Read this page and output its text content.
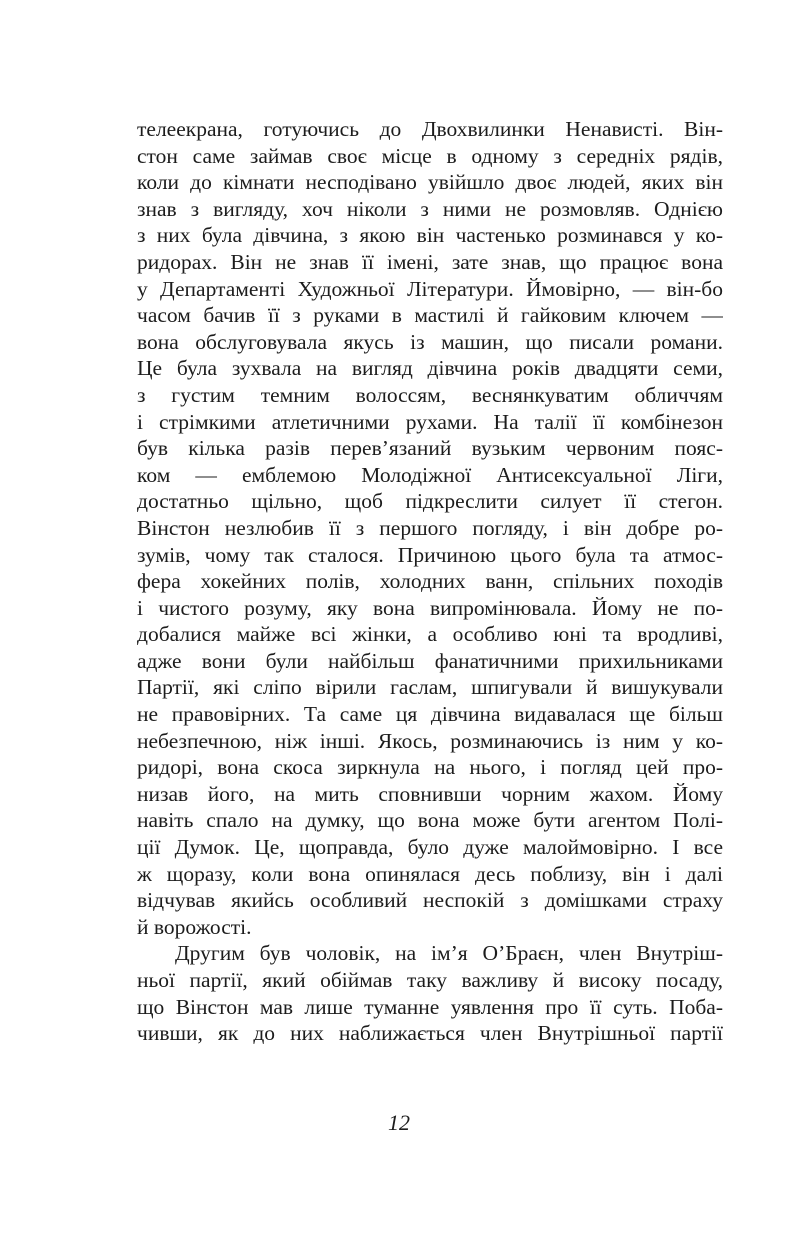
телеекрана, готуючись до Двохвилинки Ненависті. Він-
стон саме займав своє місце в одному з середніх рядів,
коли до кімнати несподівано увійшло двоє людей, яких він
знав з вигляду, хоч ніколи з ними не розмовляв. Однією
з них була дівчина, з якою він частенько розминався у ко-
ридорах. Він не знав її імені, зате знав, що працює вона
у Департаменті Художньої Літератури. Ймовірно, — він-бо
часом бачив її з руками в мастилі й гайковим ключем —
вона обслуговувала якусь із машин, що писали романи.
Це була зухвала на вигляд дівчина років двадцяти семи,
з густим темним волоссям, веснянкуватим обличчям
і стрімкими атлетичними рухами. На талії її комбінезон
був кілька разів перев’язаний вузьким червоним пояс-
ком — емблемою Молодіжної Антисексуальної Ліги,
достатньо щільно, щоб підкреслити силует її стегон.
Вінстон незлюбив її з першого погляду, і він добре ро-
зумів, чому так сталося. Причиною цього була та атмос-
фера хокейних полів, холодних ванн, спільних походів
і чистого розуму, яку вона випромінювала. Йому не по-
добалися майже всі жінки, а особливо юні та вродливі,
адже вони були найбільш фанатичними прихильниками
Партії, які сліпо вірили гаслам, шпигували й вишукували
не правовірних. Та саме ця дівчина видавалася ще більш
небезпечною, ніж інші. Якось, розминаючись із ним у ко-
ридорі, вона скоса зиркнула на нього, і погляд цей про-
низав його, на мить сповнивши чорним жахом. Йому
навіть спало на думку, що вона може бути агентом Полі-
ції Думок. Це, щоправда, було дуже малоймовірно. І все
ж щоразу, коли вона опинялася десь поблизу, він і далі
відчував якийсь особливий неспокій з домішками страху
й ворожості.
Другим був чоловік, на ім’я О’Браєн, член Внутріш-
ньої партії, який обіймав таку важливу й високу посаду,
що Вінстон мав лише туманне уявлення про її суть. Поба-
чивши, як до них наближається член Внутрішньої партії
12
